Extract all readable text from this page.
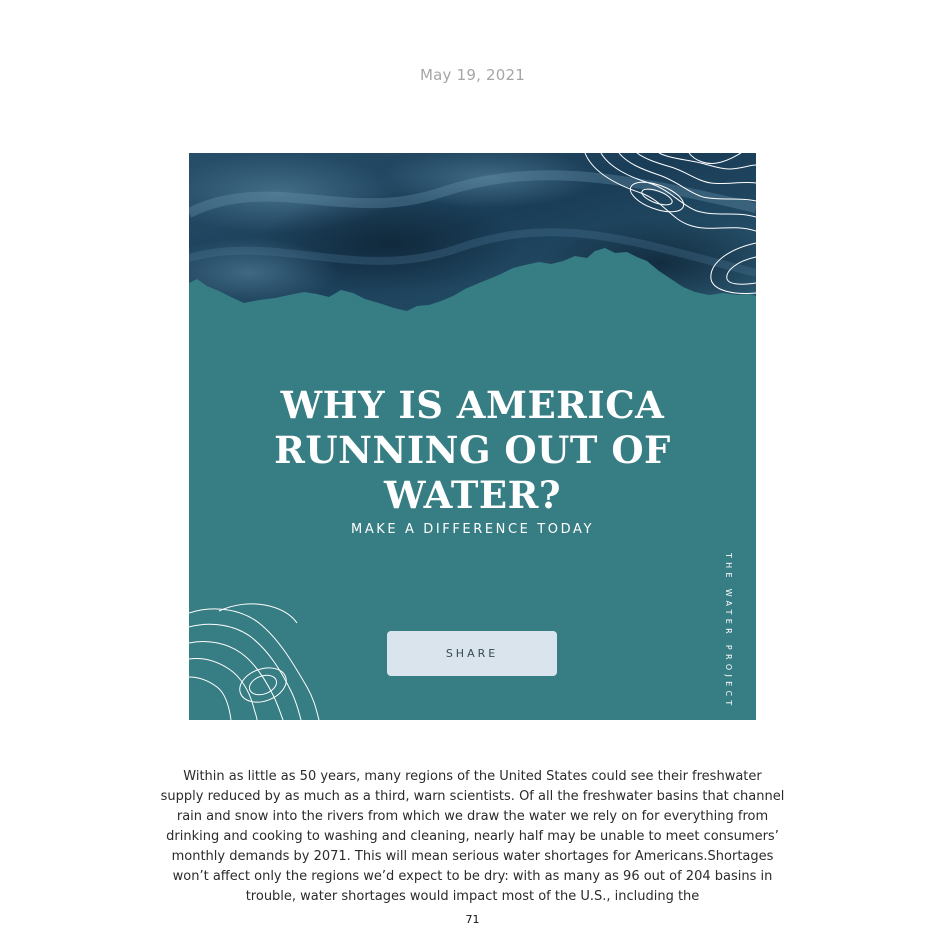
May 19, 2021
WHY IS AMERICA
RUNNING OUT OF
WATER?
MAKE A DIFFERENCE TODAY
SHARE	THE WATER PROJECT

Within as little as 50 years, many regions of the United States could see their freshwater supply reduced by as much as a third, warn scientists. Of all the freshwater basins that channel rain and snow into the rivers from which we draw the water we rely on for everything from drinking and cooking to washing and cleaning, nearly half may be unable to meet consumers’ monthly demands by 2071. This will mean serious water shortages for Americans.Shortages won’t affect only the regions we’d expect to be dry: with as many as 96 out of 204 basins in trouble, water shortages would impact most of the U.S., including the

71
